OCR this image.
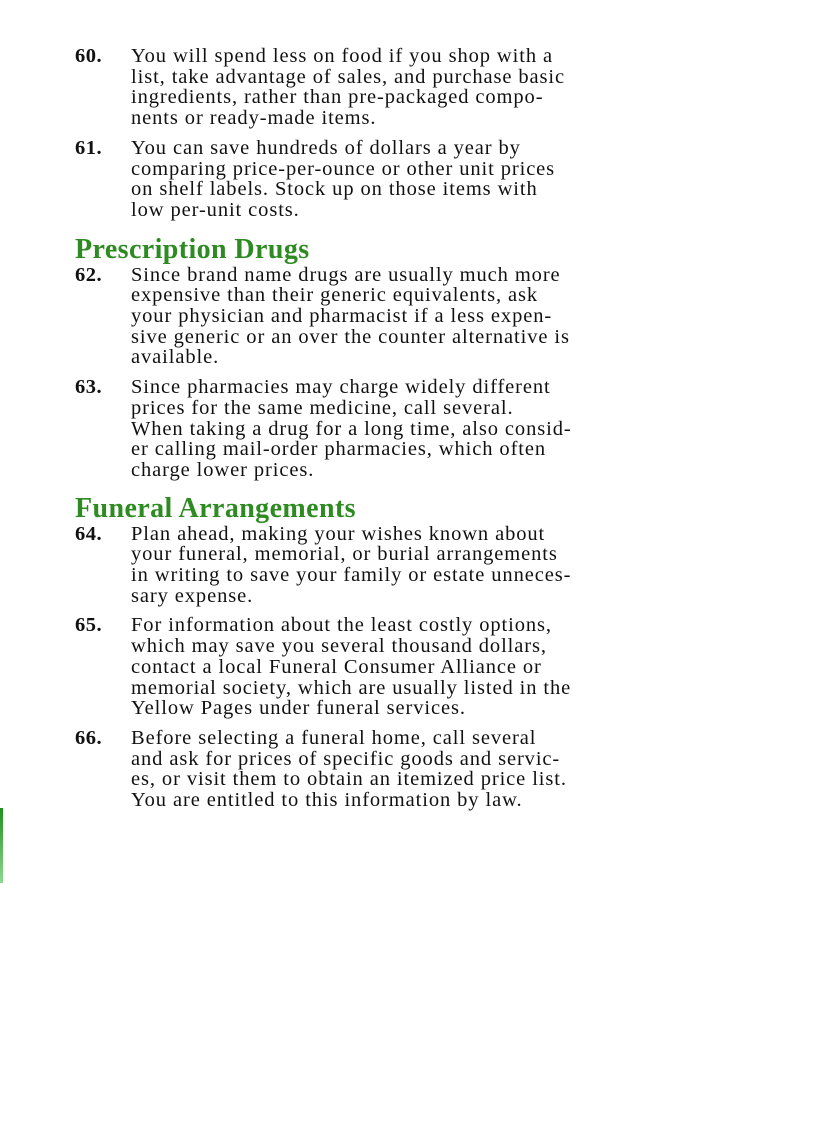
60. You will spend less on food if you shop with a
list, take advantage of sales, and purchase basic
ingredients, rather than pre-packaged compo-
nents or ready-made items.
61. You can save hundreds of dollars a year by
comparing price-per-ounce or other unit prices
on shelf labels. Stock up on those items with
low per-unit costs.
Prescription Drugs
62. Since brand name drugs are usually much more
expensive than their generic equivalents, ask
your physician and pharmacist if a less expen-
sive generic or an over the counter alternative is
available.
63. Since pharmacies may charge widely different
prices for the same medicine, call several.
When taking a drug for a long time, also consid-
er calling mail-order pharmacies, which often
charge lower prices.
Funeral Arrangements
64. Plan ahead, making your wishes known about
your funeral, memorial, or burial arrangements
in writing to save your family or estate unneces-
sary expense.
65. For information about the least costly options,
which may save you several thousand dollars,
contact a local Funeral Consumer Alliance or
memorial society, which are usually listed in the
Yellow Pages under funeral services.
66. Before selecting a funeral home, call several
and ask for prices of specific goods and servic-
es, or visit them to obtain an itemized price list.
You are entitled to this information by law.
